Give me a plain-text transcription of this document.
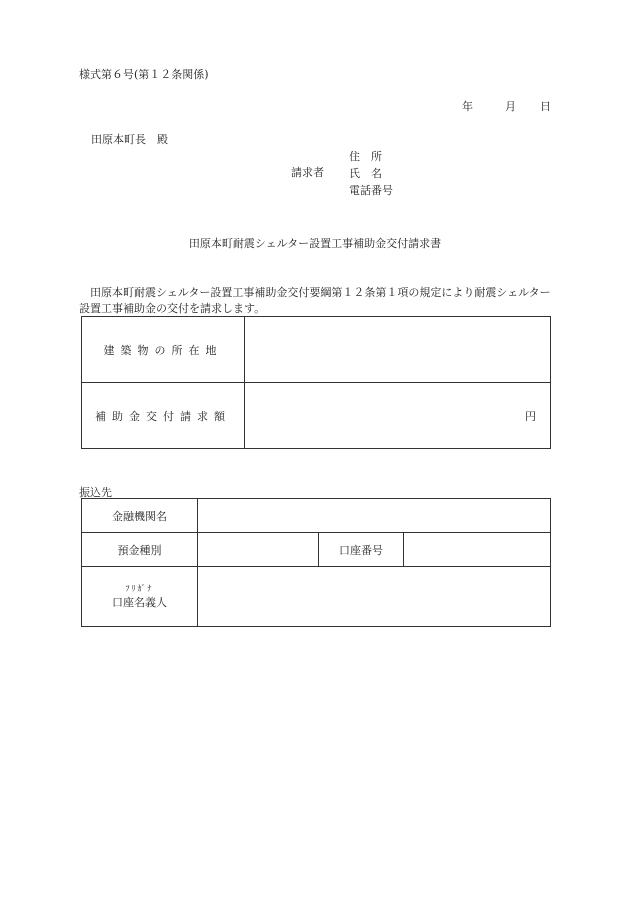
様式第６号(第１２条関係)
年	月 日
田原本町長　殿
請求者
住　所
氏　名
電話番号
田原本町耐震シェルター設置工事補助金交付請求書
田原本町耐震シェルター設置工事補助金交付要綱第１２条第１項の規定により耐震シェルター設置工事補助金の交付を請求します。
建築物の所在地	
補助金交付請求額	円
振込先
金融機関名			
預金種別		口座番号	

ﾌﾘｶﾞﾅ
口座名義人			
